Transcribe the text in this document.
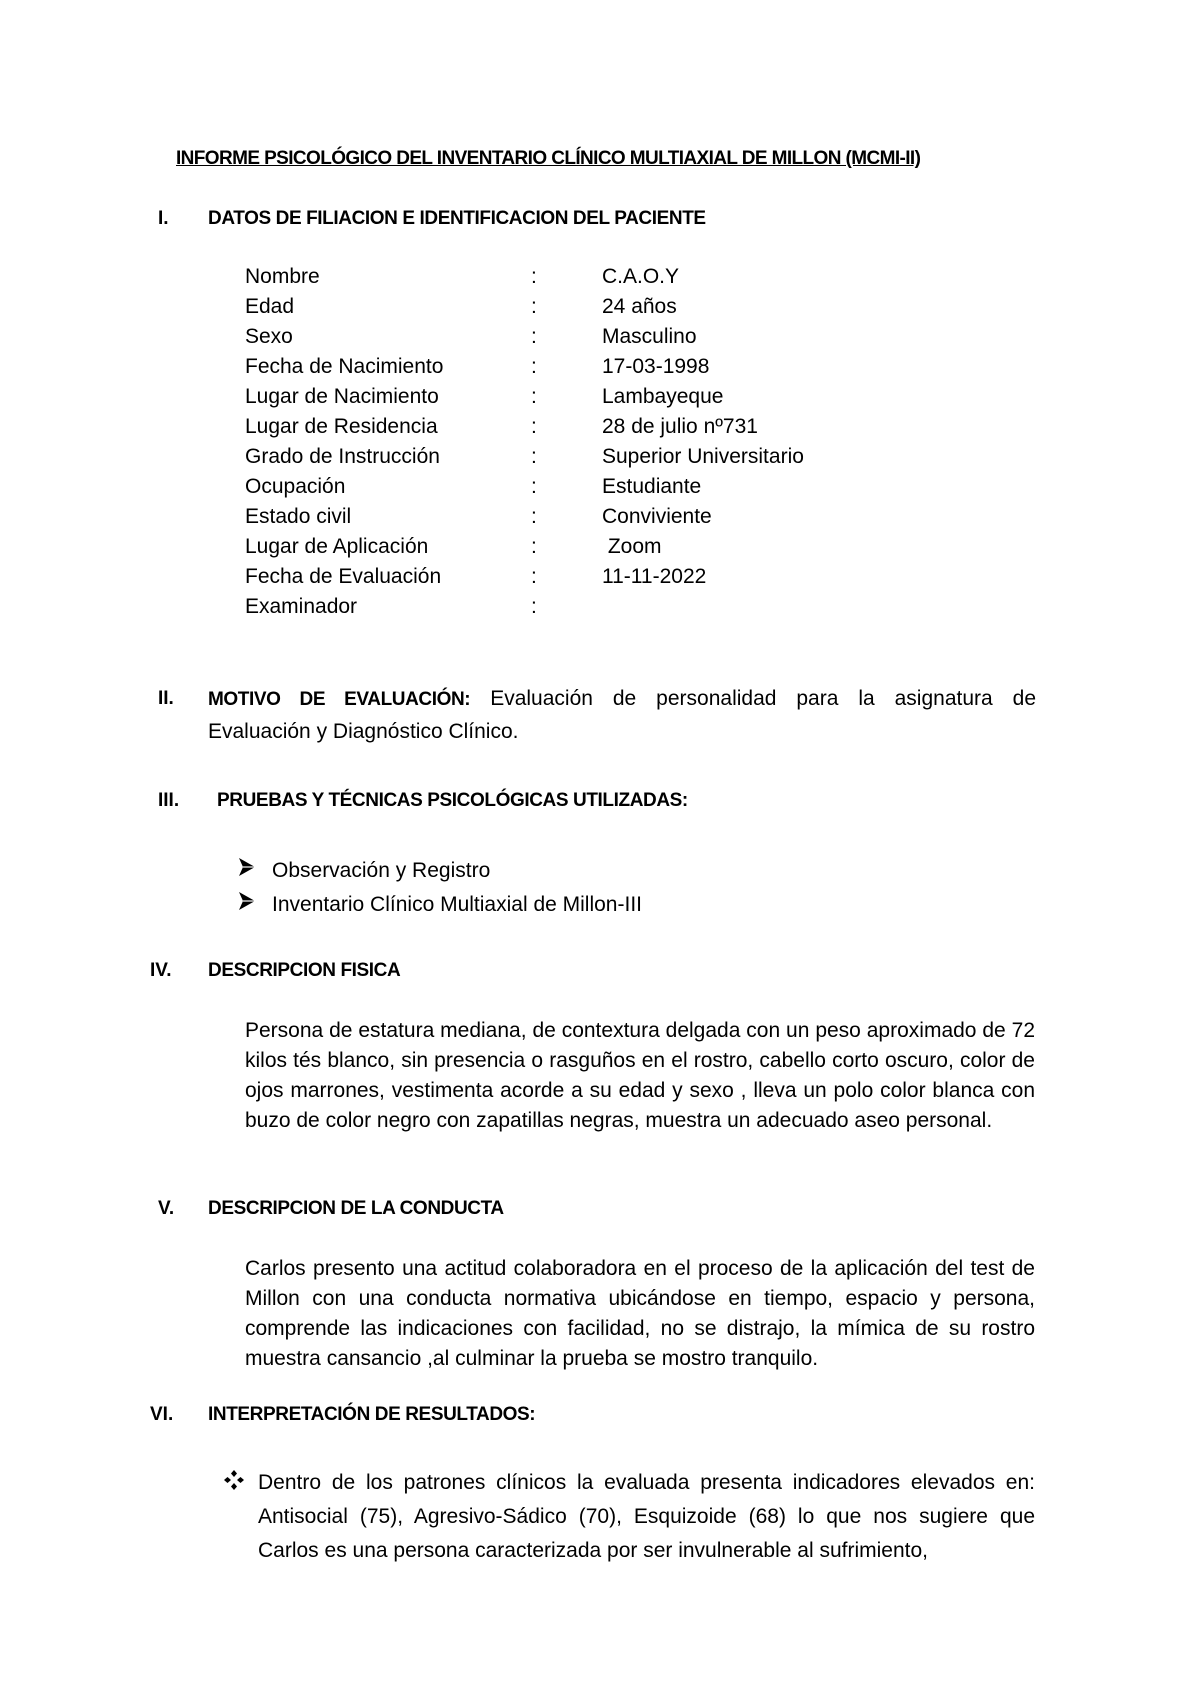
INFORME PSICOLÓGICO DEL INVENTARIO CLÍNICO MULTIAXIAL DE MILLON (MCMI-II)
I. DATOS DE FILIACION E IDENTIFICACION DEL PACIENTE
Nombre	:	C.A.O.Y
Edad	:	24 años
Sexo	:	Masculino
Fecha de Nacimiento	:	17-03-1998
Lugar de Nacimiento	:	Lambayeque
Lugar de Residencia	:	28 de julio nº731
Grado de Instrucción	:	Superior Universitario
Ocupación	:	Estudiante
Estado civil	:	Conviviente
Lugar de Aplicación	:	Zoom
Fecha de Evaluación	:	11-11-2022
Examinador	:
II. MOTIVO DE EVALUACIÓN: Evaluación de personalidad para la asignatura de
Evaluación y Diagnóstico Clínico.
III. PRUEBAS Y TÉCNICAS PSICOLÓGICAS UTILIZADAS:
Observación y Registro
Inventario Clínico Multiaxial de Millon-III
IV. DESCRIPCION FISICA
Persona de estatura mediana, de contextura delgada con un peso aproximado de 72 kilos tés blanco, sin presencia o rasguños en el rostro, cabello corto oscuro, color de ojos marrones, vestimenta acorde a su edad y sexo , lleva un polo color blanca con buzo de color negro con zapatillas negras, muestra un adecuado aseo personal.
V. DESCRIPCION DE LA CONDUCTA
Carlos presento una actitud colaboradora en el proceso de la aplicación del test de Millon con una conducta normativa ubicándose en tiempo, espacio y persona, comprende las indicaciones con facilidad, no se distrajo, la mímica de su rostro muestra cansancio ,al culminar la prueba se mostro tranquilo.
VI. INTERPRETACIÓN DE RESULTADOS:
Dentro de los patrones clínicos la evaluada presenta indicadores elevados en: Antisocial (75), Agresivo-Sádico (70), Esquizoide (68) lo que nos sugiere que Carlos es una persona caracterizada por ser invulnerable al sufrimiento,
